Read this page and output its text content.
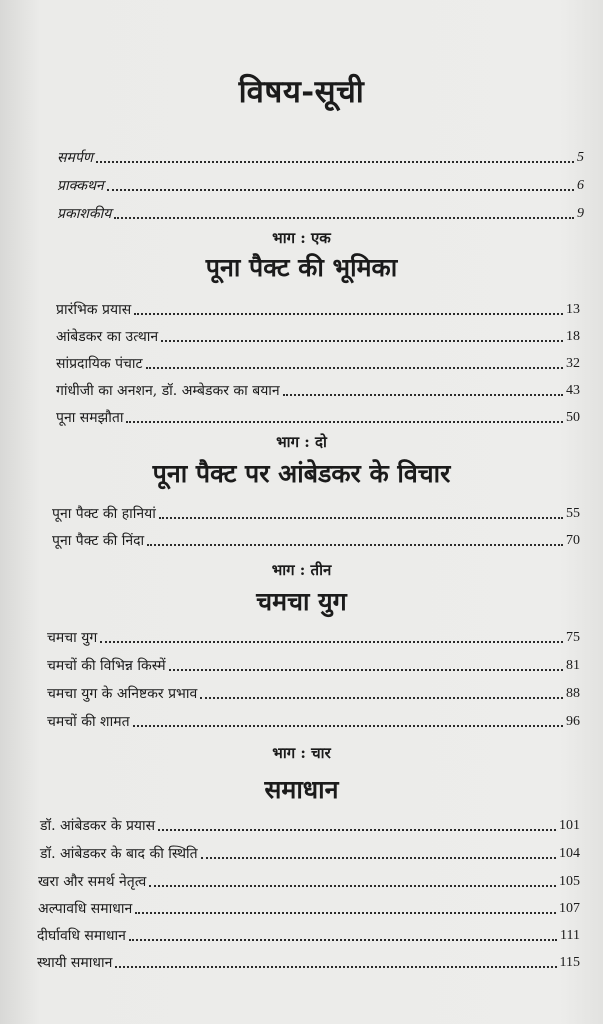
विषय-सूची
समर्पण	5
प्राक्कथन	6
प्रकाशकीय	9
भाग : एक
पूना पैक्ट की भूमिका
प्रारंभिक प्रयास	13
आंबेडकर का उत्थान	18
सांप्रदायिक पंचाट	32
गांधीजी का अनशन, डॉ. अम्बेडकर का बयान	43
पूना समझौता	50
भाग : दो
पूना पैक्ट पर आंबेडकर के विचार
पूना पैक्ट की हानियां	55
पूना पैक्ट की निंदा	70
भाग : तीन
चमचा युग
चमचा युग	75
चमचों की विभिन्न किस्में	81
चमचा युग के अनिष्टकर प्रभाव	88
चमचों की शामत	96
भाग : चार
समाधान
डॉ. आंबेडकर के प्रयास	101
डॉ. आंबेडकर के बाद की स्थिति	104
खरा और समर्थ नेतृत्व	105
अल्पावधि समाधान	107
दीर्घावधि समाधान	111
स्थायी समाधान	115
